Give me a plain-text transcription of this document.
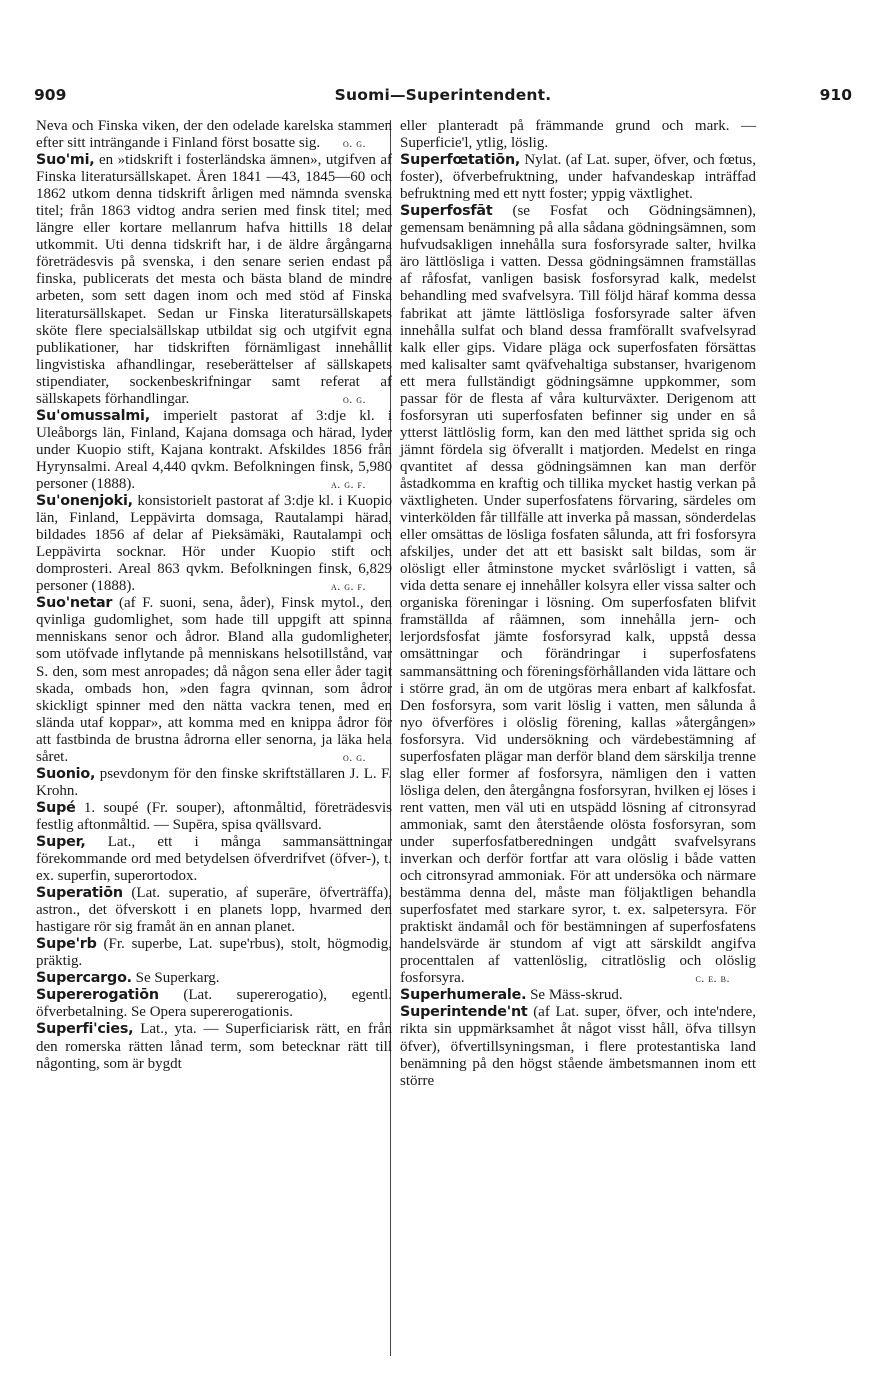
909	Suomi—Superintendent.	910

Neva och Finska viken, der den odelade karelska stammen efter sitt inträngande i Finland först bosatte sig. o. g.

Suo'mi, en »tidskrift i fosterländska ämnen», utgifven af Finska literatursällskapet. Åren 1841 —43, 1845—60 och 1862 utkom denna tidskrift årligen med nämnda svenska titel; från 1863 vidtog andra serien med finsk titel; med längre eller kortare mellanrum hafva hittills 18 delar utkommit. Uti denna tidskrift har, i de äldre årgångarna företrädesvis på svenska, i den senare serien endast på finska, publicerats det mesta och bästa bland de mindre arbeten, som sett dagen inom och med stöd af Finska literatursällskapet. Sedan ur Finska literatursällskapets sköte flere specialsällskap utbildat sig och utgifvit egna publikationer, har tidskriften förnämligast innehållit lingvistiska afhandlingar, reseberättelser af sällskapets stipendiater, sockenbeskrifningar samt referat af sällskapets förhandlingar.	o. g.

Su'omussalmi, imperielt pastorat af 3:dje kl. i Uleåborgs län, Finland, Kajana domsaga och härad, lyder under Kuopio stift, Kajana kontrakt. Afskildes 1856 från Hyrynsalmi. Areal 4,440 qvkm. Befolkningen finsk, 5,980 personer (1888).	a. g. f.

Su'onenjoki, konsistorielt pastorat af 3:dje kl. i Kuopio län, Finland, Leppävirta domsaga, Rautalampi härad, bildades 1856 af delar af Pieksämäki, Rautalampi och Leppävirta socknar. Hör under Kuopio stift och domprosteri. Areal 863 qvkm. Befolkningen finsk, 6,829 personer (1888).	a. g. f.

Suo'netar (af F. suoni, sena, åder), Finsk mytol., den qvinliga gudomlighet, som hade till uppgift att spinna menniskans senor och ådror. Bland alla gudomligheter, som utöfvade inflytande på menniskans helsotillstånd, var S. den, som mest anropades; då någon sena eller åder tagit skada, ombads hon, »den fagra qvinnan, som ådror skickligt spinner med den nätta vackra tenen, med en slända utaf koppar», att komma med en knippa ådror för att fastbinda de brustna ådrorna eller senorna, ja läka hela såret.	o. g.

Suonio, psevdonym för den finske skriftställaren J. L. F. Krohn.

Supé 1. soupé (Fr. souper), aftonmåltid, företrädesvis festlig aftonmåltid. — Supēra, spisa qvällsvard.

Super, Lat., ett i många sammansättningar förekommande ord med betydelsen öfverdrifvet (öfver-), t. ex. superfin, superortodox.

Superatiōn (Lat. superatio, af superāre, öfverträffa), astron., det öfverskott i en planets lopp, hvarmed den hastigare rör sig framåt än en annan planet.

Supe'rb (Fr. superbe, Lat. supe'rbus), stolt, högmodig, präktig.

Supercargo. Se Superkarg.

Supererogatiōn (Lat. supererogatio), egentl. öfverbetalning. Se Opera supererogationis.

Superfi'cies, Lat., yta. — Superficiarisk rätt, en från den romerska rätten lånad term, som betecknar rätt till någonting, som är bygdt

eller planteradt på främmande grund och mark. — Superficie'l, ytlig, löslig.

Superfœtatiōn, Nylat. (af Lat. super, öfver, och fœtus, foster), öfverbefruktning, under hafvandeskap inträffad befruktning med ett nytt foster; yppig växtlighet.

Superfosfāt (se Fosfat och Gödningsämnen), gemensam benämning på alla sådana gödningsämnen, som hufvudsakligen innehålla sura fosforsyrade salter, hvilka äro lättlösliga i vatten. Dessa gödningsämnen framställas af råfosfat, vanligen basisk fosforsyrad kalk, medelst behandling med svafvelsyra. Till följd häraf komma dessa fabrikat att jämte lättlösliga fosforsyrade salter äfven innehålla sulfat och bland dessa framförallt svafvelsyrad kalk eller gips. Vidare pläga ock superfosfaten försättas med kalisalter samt qväfvehaltiga substanser, hvarigenom ett mera fullständigt gödningsämne uppkommer, som passar för de flesta af våra kulturväxter. Derigenom att fosforsyran uti superfosfaten befinner sig under en så ytterst lättlöslig form, kan den med lätthet sprida sig och jämnt fördela sig öfverallt i matjorden. Medelst en ringa qvantitet af dessa gödningsämnen kan man derför åstadkomma en kraftig och tillika mycket hastig verkan på växtligheten. Under superfosfatens förvaring, särdeles om vinterkölden får tillfälle att inverka på massan, sönderdelas eller omsättas de lösliga fosfaten sålunda, att fri fosforsyra afskiljes, under det att ett basiskt salt bildas, som är olösligt eller åtminstone mycket svårlösligt i vatten, så vida detta senare ej innehåller kolsyra eller vissa salter och organiska föreningar i lösning. Om superfosfaten blifvit framställda af råämnen, som innehålla jern- och lerjordsfosfat jämte fosforsyrad kalk, uppstå dessa omsättningar och förändringar i superfosfatens sammansättning och föreningsförhållanden vida lättare och i större grad, än om de utgöras mera enbart af kalkfosfat. Den fosforsyra, som varit löslig i vatten, men sålunda å nyo öfverföres i olöslig förening, kallas »återgången» fosforsyra. Vid undersökning och värdebestämning af superfosfaten plägar man derför bland dem särskilja trenne slag eller former af fosforsyra, nämligen den i vatten lösliga delen, den återgångna fosforsyran, hvilken ej löses i rent vatten, men väl uti en utspädd lösning af citronsyrad ammoniak, samt den återstående olösta fosforsyran, som under superfosfatberedningen undgått svafvelsyrans inverkan och derför fortfar att vara olöslig i både vatten och citronsyrad ammoniak. För att undersöka och närmare bestämma denna del, måste man följaktligen behandla superfosfatet med starkare syror, t. ex. salpetersyra. För praktiskt ändamål och för bestämningen af superfosfatens handelsvärde är stundom af vigt att särskildt angifva procenttalen af vattenlöslig, citratlöslig och olöslig fosforsyra.	c. e. b.

Superhumerale. Se Mäss-skrud.

Superintende'nt (af Lat. super, öfver, och inte'ndere, rikta sin uppmärksamhet åt något visst håll, öfva tillsyn öfver), öfvertillsyningsman, i flere protestantiska land benämning på den högst stående ämbetsmannen inom ett större
